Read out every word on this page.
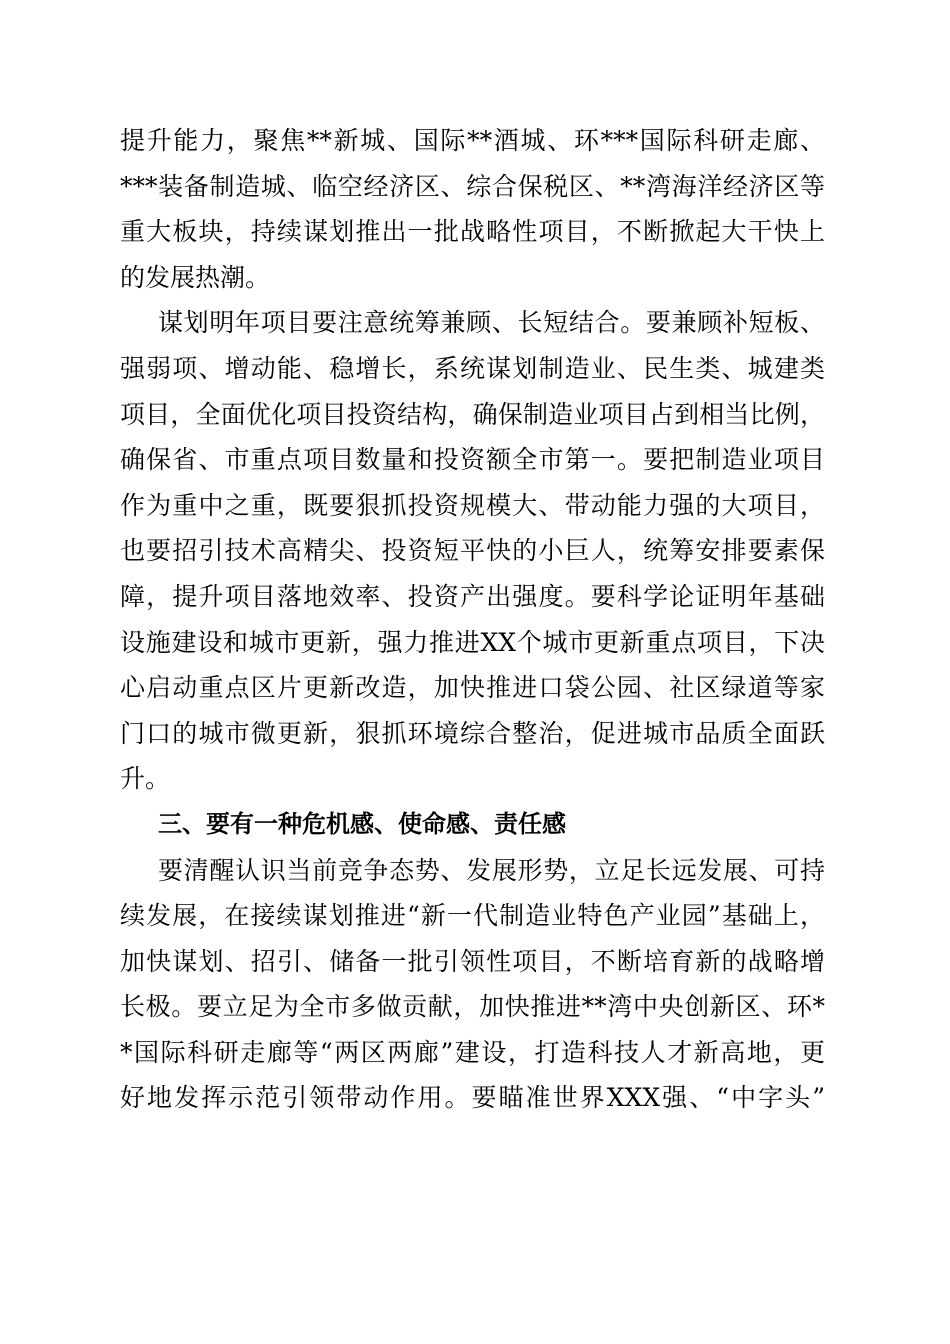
提升能力，聚焦**新城、国际**酒城、环***国际科研走廊、
***装备制造城、临空经济区、综合保税区、**湾海洋经济区等
重大板块，持续谋划推出一批战略性项目，不断掀起大干快上
的发展热潮。
谋划明年项目要注意统筹兼顾、长短结合。要兼顾补短板、
强弱项、增动能、稳增长，系统谋划制造业、民生类、城建类
项目，全面优化项目投资结构，确保制造业项目占到相当比例，
确保省、市重点项目数量和投资额全市第一。要把制造业项目
作为重中之重，既要狠抓投资规模大、带动能力强的大项目，
也要招引技术高精尖、投资短平快的小巨人，统筹安排要素保
障，提升项目落地效率、投资产出强度。要科学论证明年基础
设施建设和城市更新，强力推进XX个城市更新重点项目，下决
心启动重点区片更新改造，加快推进口袋公园、社区绿道等家
门口的城市微更新，狠抓环境综合整治，促进城市品质全面跃
升。
三、要有一种危机感、使命感、责任感
要清醒认识当前竞争态势、发展形势，立足长远发展、可持
续发展，在接续谋划推进“新一代制造业特色产业园”基础上，
加快谋划、招引、储备一批引领性项目，不断培育新的战略增
长极。要立足为全市多做贡献，加快推进**湾中央创新区、环*
*国际科研走廊等“两区两廊”建设，打造科技人才新高地，更
好地发挥示范引领带动作用。要瞄准世界XXX强、“中字头”
